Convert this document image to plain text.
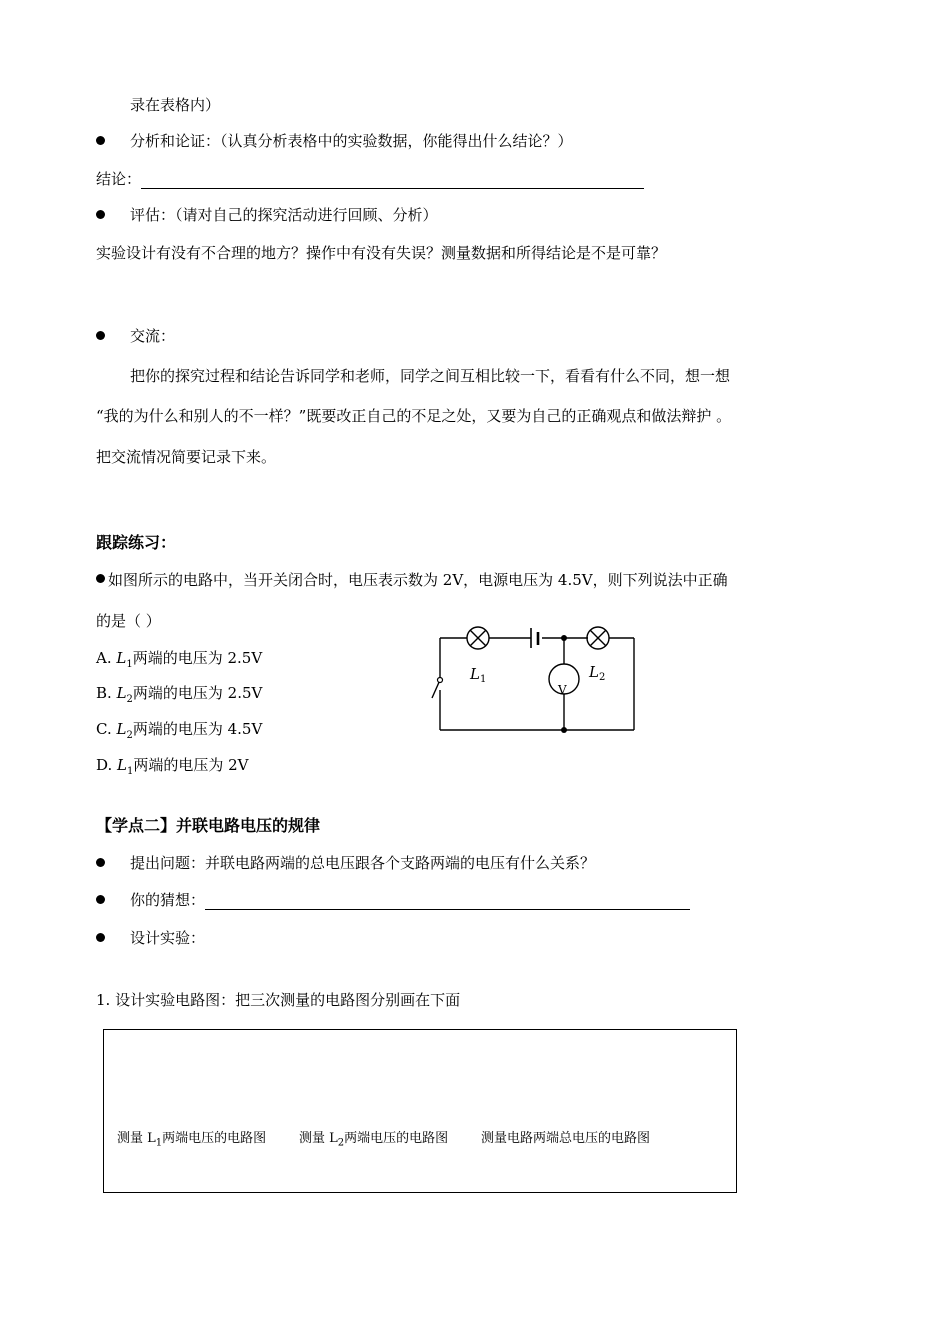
录在表格内）
分析和论证：（认真分析表格中的实验数据，你能得出什么结论？）
结论：
评估：（请对自己的探究活动进行回顾、分析）
实验设计有没有不合理的地方？操作中有没有失误？测量数据和所得结论是不是可靠？
交流：
把你的探究过程和结论告诉同学和老师，同学之间互相比较一下，看看有什么不同，想一想
“我的为什么和别人的不一样？”既要改正自己的不足之处，又要为自己的正确观点和做法辩护 。
把交流情况简要记录下来。
跟踪练习：
如图所示的电路中，当开关闭合时，电压表示数为 2V，电源电压为 4.5V，则下列说法中正确
的是（ ）
A. $L_1$两端的电压为 2.5V
B. $L_2$两端的电压为 2.5V
C. $L_2$两端的电压为 4.5V
D. $L_1$两端的电压为 2V
$L_1$	$L_2$
V
【学点二】并联电路电压的规律
提出问题：并联电路两端的总电压跟各个支路两端的电压有什么关系？
你的猜想：
设计实验：
1. 设计实验电路图：把三次测量的电路图分别画在下面
测量 $L_1$两端电压的电路图	测量 $L_2$两端电压的电路图	测量电路两端总电压的电路图
